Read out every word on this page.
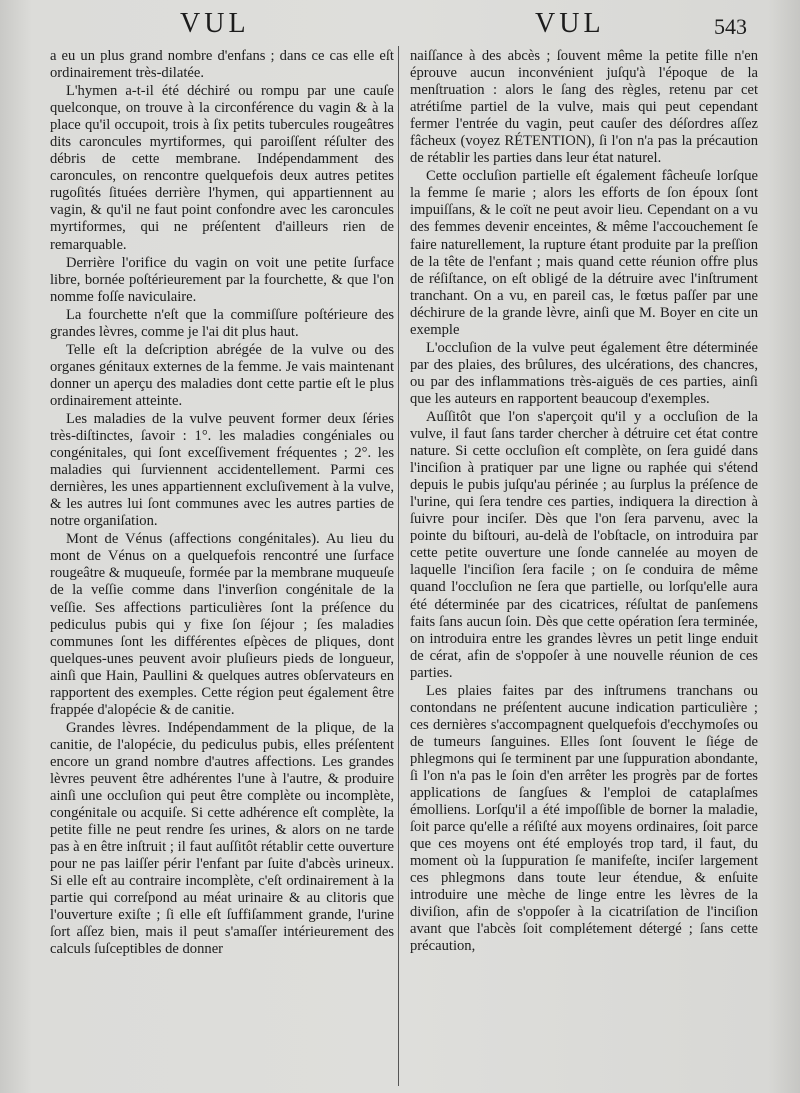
VUL	VUL	543

a eu un plus grand nombre d'enfans ; dans ce cas elle eſt ordinairement très-dilatée.

L'hymen a-t-il été déchiré ou rompu par une cauſe quelconque, on trouve à la circonférence du vagin & à la place qu'il occupoit, trois à ſix petits tubercules rougeâtres dits caroncules myrtiformes, qui paroiſſent réſulter des débris de cette membrane. Indépendamment des caroncules, on rencontre quelquefois deux autres petites rugoſités ſituées derrière l'hymen, qui appartiennent au vagin, & qu'il ne faut point confondre avec les caroncules myrtiformes, qui ne préſentent d'ailleurs rien de remarquable.

Derrière l'orifice du vagin on voit une petite ſurface libre, bornée poſtérieurement par la fourchette, & que l'on nomme foſſe naviculaire.

La fourchette n'eſt que la commiſſure poſtérieure des grandes lèvres, comme je l'ai dit plus haut.

Telle eſt la deſcription abrégée de la vulve ou des organes génitaux externes de la femme. Je vais maintenant donner un aperçu des maladies dont cette partie eſt le plus ordinairement atteinte.

Les maladies de la vulve peuvent former deux ſéries très-diſtinctes, ſavoir : 1°. les maladies congéniales ou congénitales, qui ſont exceſſivement fréquentes ; 2°. les maladies qui ſurviennent accidentellement. Parmi ces dernières, les unes appartiennent excluſivement à la vulve, & les autres lui ſont communes avec les autres parties de notre organiſation.

Mont de Vénus (affections congénitales). Au lieu du mont de Vénus on a quelquefois rencontré une ſurface rougeâtre & muqueuſe, formée par la membrane muqueuſe de la veſſie comme dans l'inverſion congénitale de la veſſie. Ses affections particulières ſont la préſence du pediculus pubis qui y fixe ſon ſéjour ; ſes maladies communes ſont les différentes eſpèces de pliques, dont quelques-unes peuvent avoir pluſieurs pieds de longueur, ainſi que Hain, Paullini & quelques autres obſervateurs en rapportent des exemples. Cette région peut également être frappée d'alopécie & de canitie.

Grandes lèvres. Indépendamment de la plique, de la canitie, de l'alopécie, du pediculus pubis, elles préſentent encore un grand nombre d'autres affections. Les grandes lèvres peuvent être adhérentes l'une à l'autre, & produire ainſi une occluſion qui peut être complète ou incomplète, congénitale ou acquiſe. Si cette adhérence eſt complète, la petite fille ne peut rendre ſes urines, & alors on ne tarde pas à en être inſtruit ; il faut auſſitôt rétablir cette ouverture pour ne pas laiſſer périr l'enfant par ſuite d'abcès urineux. Si elle eſt au contraire incomplète, c'eſt ordinairement à la partie qui correſpond au méat urinaire & au clitoris que l'ouverture exiſte ; ſi elle eſt ſuffiſamment grande, l'urine ſort aſſez bien, mais il peut s'amaſſer intérieurement des calculs ſuſceptibles de donner

naiſſance à des abcès ; ſouvent même la petite fille n'en éprouve aucun inconvénient juſqu'à l'époque de la menſtruation : alors le ſang des règles, retenu par cet atrétiſme partiel de la vulve, mais qui peut cependant fermer l'entrée du vagin, peut cauſer des déſordres aſſez fâcheux (voyez RÉTENTION), ſi l'on n'a pas la précaution de rétablir les parties dans leur état naturel.

Cette occluſion partielle eſt également fâcheuſe lorſque la femme ſe marie ; alors les efforts de ſon époux ſont impuiſſans, & le coït ne peut avoir lieu. Cependant on a vu des femmes devenir enceintes, & même l'accouchement ſe faire naturellement, la rupture étant produite par la preſſion de la tête de l'enfant ; mais quand cette réunion offre plus de réſiſtance, on eſt obligé de la détruire avec l'inſtrument tranchant. On a vu, en pareil cas, le fœtus paſſer par une déchirure de la grande lèvre, ainſi que M. Boyer en cite un exemple

L'occluſion de la vulve peut également être déterminée par des plaies, des brûlures, des ulcérations, des chancres, ou par des inflammations très-aiguës de ces parties, ainſi que les auteurs en rapportent beaucoup d'exemples.

Auſſitôt que l'on s'aperçoit qu'il y a occluſion de la vulve, il faut ſans tarder chercher à détruire cet état contre nature. Si cette occluſion eſt complète, on ſera guidé dans l'inciſion à pratiquer par une ligne ou raphée qui s'étend depuis le pubis juſqu'au périnée ; au ſurplus la préſence de l'urine, qui ſera tendre ces parties, indiquera la direction à ſuivre pour inciſer. Dès que l'on ſera parvenu, avec la pointe du biſtouri, au-delà de l'obſtacle, on introduira par cette petite ouverture une ſonde cannelée au moyen de laquelle l'inciſion ſera facile ; on ſe conduira de même quand l'occluſion ne ſera que partielle, ou lorſqu'elle aura été déterminée par des cicatrices, réſultat de panſemens faits ſans aucun ſoin. Dès que cette opération ſera terminée, on introduira entre les grandes lèvres un petit linge enduit de cérat, afin de s'oppoſer à une nouvelle réunion de ces parties.

Les plaies faites par des inſtrumens tranchans ou contondans ne préſentent aucune indication particulière ; ces dernières s'accompagnent quelquefois d'ecchymoſes ou de tumeurs ſanguines. Elles ſont ſouvent le ſiége de phlegmons qui ſe terminent par une ſuppuration abondante, ſi l'on n'a pas le ſoin d'en arrêter les progrès par de fortes applications de ſangſues & l'emploi de cataplaſmes émolliens. Lorſqu'il a été impoſſible de borner la maladie, ſoit parce qu'elle a réſiſté aux moyens ordinaires, ſoit parce que ces moyens ont été employés trop tard, il faut, du moment où la ſuppuration ſe manifeſte, inciſer largement ces phlegmons dans toute leur étendue, & enſuite introduire une mèche de linge entre les lèvres de la diviſion, afin de s'oppoſer à la cicatriſation de l'inciſion avant que l'abcès ſoit complétement détergé ; ſans cette précaution,
